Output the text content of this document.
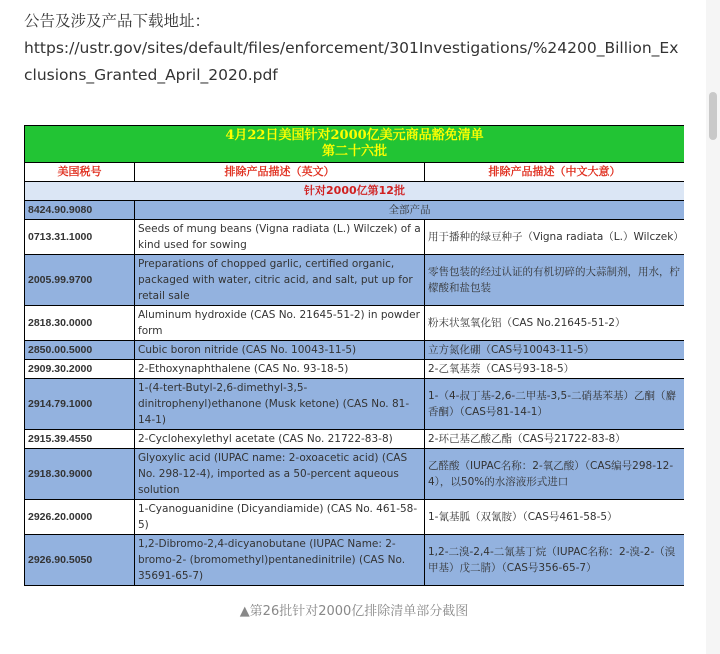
公告及涉及产品下载地址：
https://ustr.gov/sites/default/files/enforcement/301Investigations/%24200_Billion_Exclusions_Granted_April_2020.pdf
4月22日美国针对2000亿美元商品豁免清单
第二十六批		

美国税号	排除产品描述（英文）	排除产品描述（中文大意）
针对2000亿第12批		
8424.90.9080	全部产品	
0713.31.1000	Seeds of mung beans (Vigna radiata (L.) Wilczek) of a kind used for sowing	用于播种的绿豆种子（Vigna radiata（L.）Wilczek）
2005.99.9700	Preparations of chopped garlic, certified organic, packaged with water, citric acid, and salt, put up for retail sale	零售包装的经过认证的有机切碎的大蒜制剂，用水，柠檬酸和盐包装
2818.30.0000	Aluminum hydroxide (CAS No. 21645-51-2) in powder form	粉末状氢氧化铝（CAS No.21645-51-2）
2850.00.5000	Cubic boron nitride (CAS No. 10043-11-5)	立方氮化硼（CAS号10043-11-5）
2909.30.2000	2-Ethoxynaphthalene (CAS No. 93-18-5)	2-乙氧基萘（CAS号93-18-5）
2914.79.1000	1-(4-tert-Butyl-2,6-dimethyl-3,5-dinitrophenyl)ethanone (Musk ketone) (CAS No. 81-14-1)	1-（4-叔丁基-2,6-二甲基-3,5-二硝基苯基）乙酮（麝香酮）（CAS号81-14-1）
2915.39.4550	2-Cyclohexylethyl acetate (CAS No. 21722-83-8)	2-环己基乙酸乙酯（CAS号21722-83-8）
2918.30.9000	Glyoxylic acid (IUPAC name: 2-oxoacetic acid) (CAS No. 298-12-4), imported as a 50-percent aqueous solution	乙醛酸（IUPAC名称：2-氧乙酸）（CAS编号298-12-4），以50%的水溶液形式进口
2926.20.0000	1-Cyanoguanidine (Dicyandiamide) (CAS No. 461-58-5)	1-氰基胍（双氰胺）（CAS号461-58-5）
2926.90.5050	1,2-Dibromo-2,4-dicyanobutane (IUPAC Name: 2-bromo-2- (bromomethyl)pentanedinitrile) (CAS No. 35691-65-7)	1,2-二溴-2,4-二氰基丁烷（IUPAC名称：2-溴-2-（溴甲基）戊二腈）（CAS号356-65-7）
▲第26批针对2000亿排除清单部分截图
